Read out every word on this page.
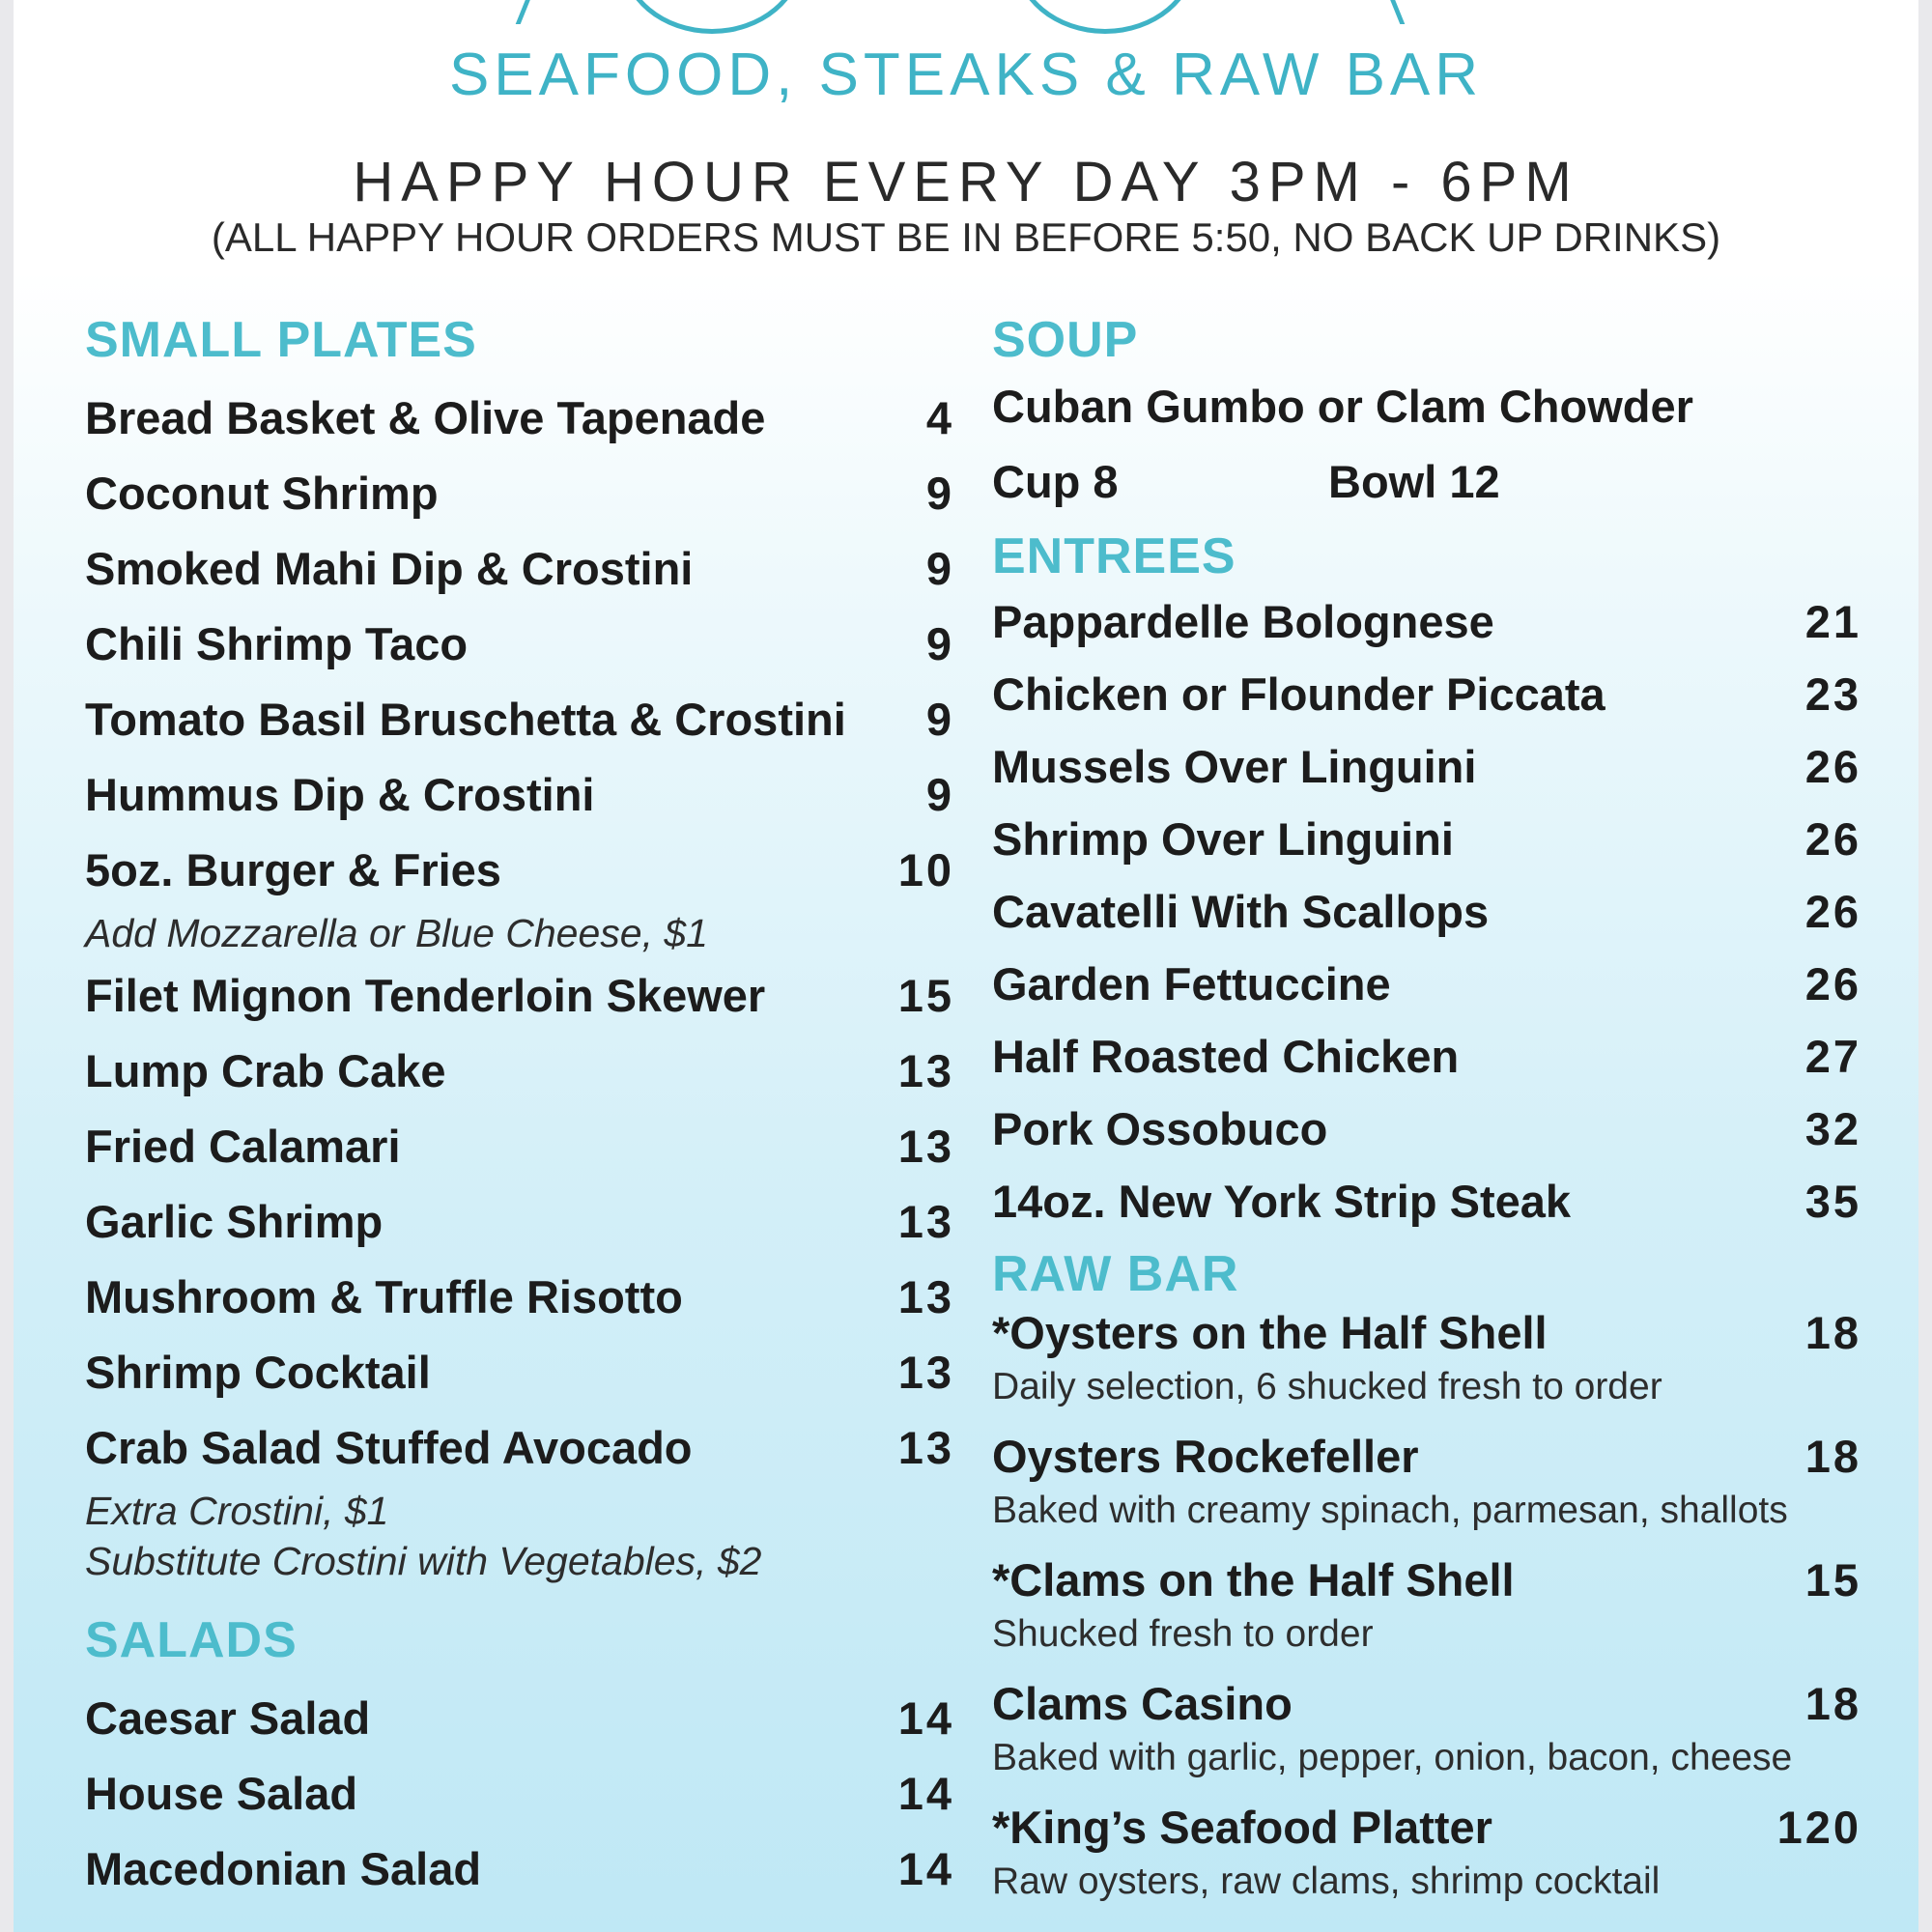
SEAFOOD, STEAKS & RAW BAR
HAPPY HOUR EVERY DAY 3PM - 6PM
(ALL HAPPY HOUR ORDERS MUST BE IN BEFORE 5:50, NO BACK UP DRINKS)
SMALL PLATES
Bread Basket & Olive Tapenade	4
Coconut Shrimp	9
Smoked Mahi Dip & Crostini	9
Chili Shrimp Taco	9
Tomato Basil Bruschetta & Crostini 9
Hummus Dip & Crostini	9
5oz. Burger & Fries	10
Add Mozzarella or Blue Cheese, $1
Filet Mignon Tenderloin Skewer	15
Lump Crab Cake	13
Fried Calamari	13
Garlic Shrimp	13
Mushroom & Truffle Risotto	13
Shrimp Cocktail	13
Crab Salad Stuffed Avocado	13
Extra Crostini, $1
Substitute Crostini with Vegetables, $2
SALADS
Caesar Salad	14
House Salad	14
Macedonian Salad	14
SOUP
Cuban Gumbo or Clam Chowder
Cup 8	Bowl 12
ENTREES
Pappardelle Bolognese	21
Chicken or Flounder Piccata	23
Mussels Over Linguini	26
Shrimp Over Linguini	26
Cavatelli With Scallops	26
Garden Fettuccine	26
Half Roasted Chicken	27
Pork Ossobuco	32
14oz. New York Strip Steak	35
RAW BAR
*Oysters on the Half Shell	18
Daily selection, 6 shucked fresh to order
Oysters Rockefeller	18
Baked with creamy spinach, parmesan, shallots
*Clams on the Half Shell	15
Shucked fresh to order
Clams Casino	18
Baked with garlic, pepper, onion, bacon, cheese
*King’s Seafood Platter	120
Raw oysters, raw clams, shrimp cocktail
